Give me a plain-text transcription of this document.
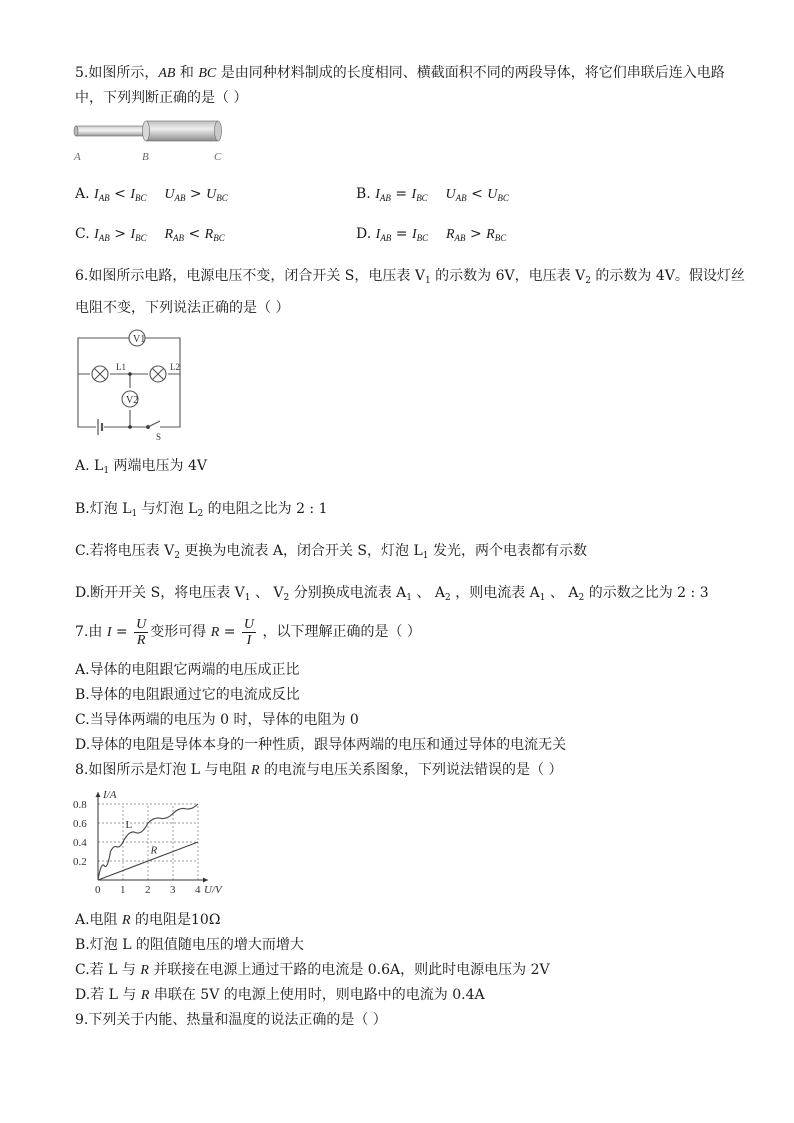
5.如图所示，AB 和 BC 是由同种材料制成的长度相同、横截面积不同的两段导体，将它们串联后连入电路
中，下列判断正确的是（ ）
A	B	C
A. $I_{AB} < I_{BC}$ $U_{AB} > U_{BC}$	B. $I_{AB} = I_{BC}$ $U_{AB} < U_{BC}$
C. $I_{AB} > I_{BC}$ $R_{AB} < R_{BC}$	D. $I_{AB} = I_{BC}$ $R_{AB} > R_{BC}$
6.如图所示电路，电源电压不变，闭合开关 S，电压表 $V_1$ 的示数为 6V，电压表 $V_2$ 的示数为 4V。假设灯丝
电阻不变，下列说法正确的是（ ）
V1
L1	L2
V2
S
A. $L_1$ 两端电压为 4V
B.灯泡 $L_1$ 与灯泡 $L_2$ 的电阻之比为 2 : 1
C.若将电压表 $V_2$ 更换为电流表 A，闭合开关 S，灯泡 $L_1$ 发光，两个电表都有示数
D.断开开关 S，将电压表 $V_1$ 、 $V_2$ 分别换成电流表 $A_1$ 、 $A_2$ ，则电流表 $A_1$ 、 $A_2$ 的示数之比为 2 : 3
7.由 $I = \frac{U}{R}$ 变形可得 $R = \frac{U}{I}$ ，以下理解正确的是（ ）
A.导体的电阻跟它两端的电压成正比
B.导体的电阻跟通过它的电流成反比
C.当导体两端的电压为 0 时，导体的电阻为 0
D.导体的电阻是导体本身的一种性质，跟导体两端的电压和通过导体的电流无关
8.如图所示是灯泡 L 与电阻 R 的电流与电压关系图象，下列说法错误的是（ ）
0 1 2 3 4
0.2
0.4
0.6
0.8
I/A
U/V
L
R
A.电阻 R 的电阻是10Ω
B.灯泡 L 的阻值随电压的增大而增大
C.若 L 与 R 并联接在电源上通过干路的电流是 0.6A，则此时电源电压为 2V
D.若 L 与 R 串联在 5V 的电源上使用时，则电路中的电流为 0.4A
9.下列关于内能、热量和温度的说法正确的是（ ）
